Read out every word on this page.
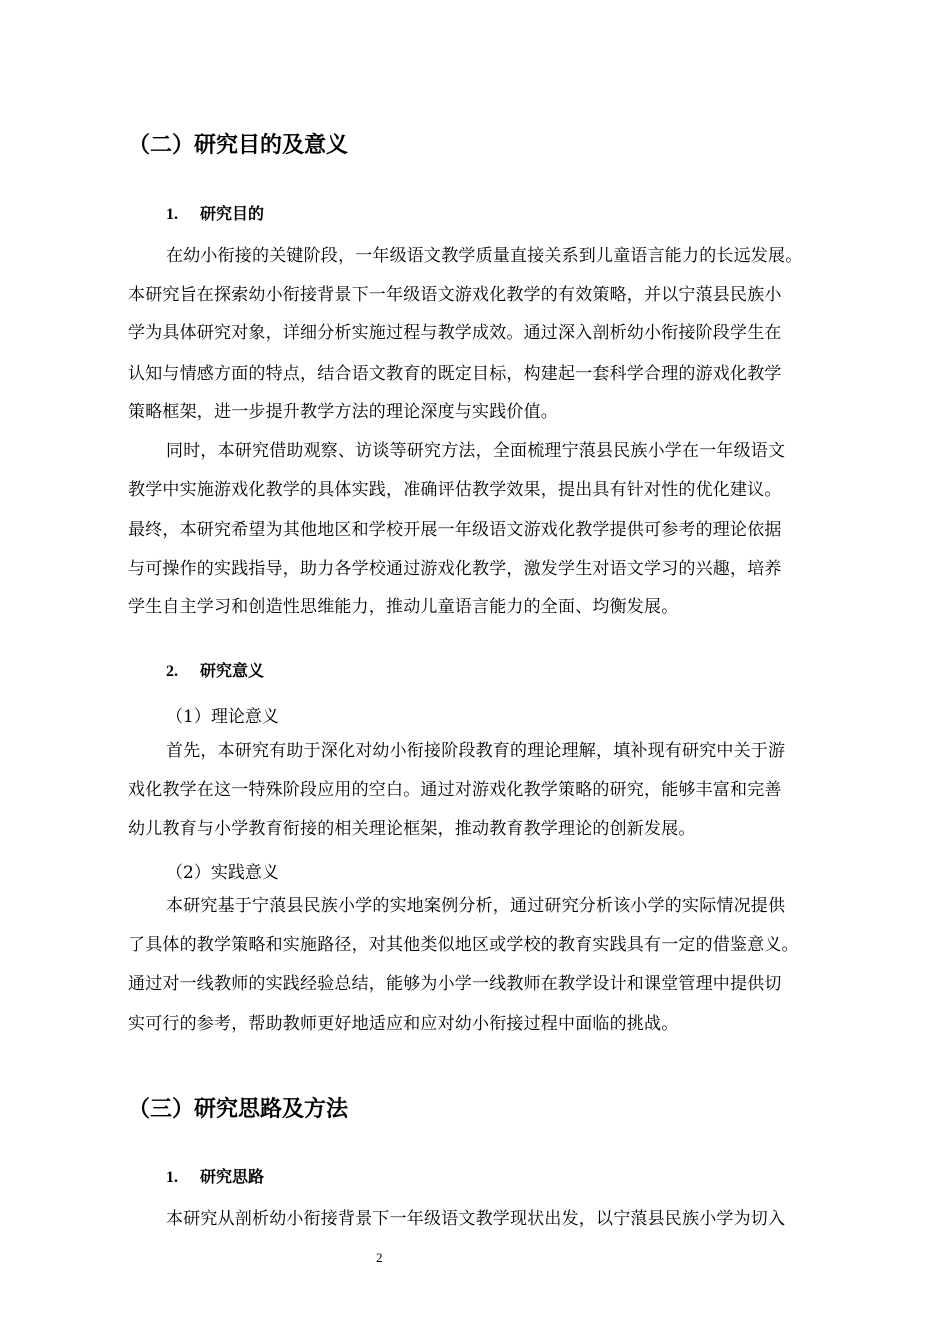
（二）研究目的及意义
1. 研究目的
在幼小衔接的关键阶段，一年级语文教学质量直接关系到儿童语言能力的长远发展。
本研究旨在探索幼小衔接背景下一年级语文游戏化教学的有效策略，并以宁蒗县民族小
学为具体研究对象，详细分析实施过程与教学成效。通过深入剖析幼小衔接阶段学生在
认知与情感方面的特点，结合语文教育的既定目标，构建起一套科学合理的游戏化教学
策略框架，进一步提升教学方法的理论深度与实践价值。
同时，本研究借助观察、访谈等研究方法，全面梳理宁蒗县民族小学在一年级语文
教学中实施游戏化教学的具体实践，准确评估教学效果，提出具有针对性的优化建议。
最终，本研究希望为其他地区和学校开展一年级语文游戏化教学提供可参考的理论依据
与可操作的实践指导，助力各学校通过游戏化教学，激发学生对语文学习的兴趣，培养
学生自主学习和创造性思维能力，推动儿童语言能力的全面、均衡发展。
2. 研究意义
（1）理论意义
首先，本研究有助于深化对幼小衔接阶段教育的理论理解，填补现有研究中关于游
戏化教学在这一特殊阶段应用的空白。通过对游戏化教学策略的研究，能够丰富和完善
幼儿教育与小学教育衔接的相关理论框架，推动教育教学理论的创新发展。
（2）实践意义
本研究基于宁蒗县民族小学的实地案例分析，通过研究分析该小学的实际情况提供
了具体的教学策略和实施路径，对其他类似地区或学校的教育实践具有一定的借鉴意义。
通过对一线教师的实践经验总结，能够为小学一线教师在教学设计和课堂管理中提供切
实可行的参考，帮助教师更好地适应和应对幼小衔接过程中面临的挑战。
（三）研究思路及方法
1. 研究思路
本研究从剖析幼小衔接背景下一年级语文教学现状出发，以宁蒗县民族小学为切入
2
